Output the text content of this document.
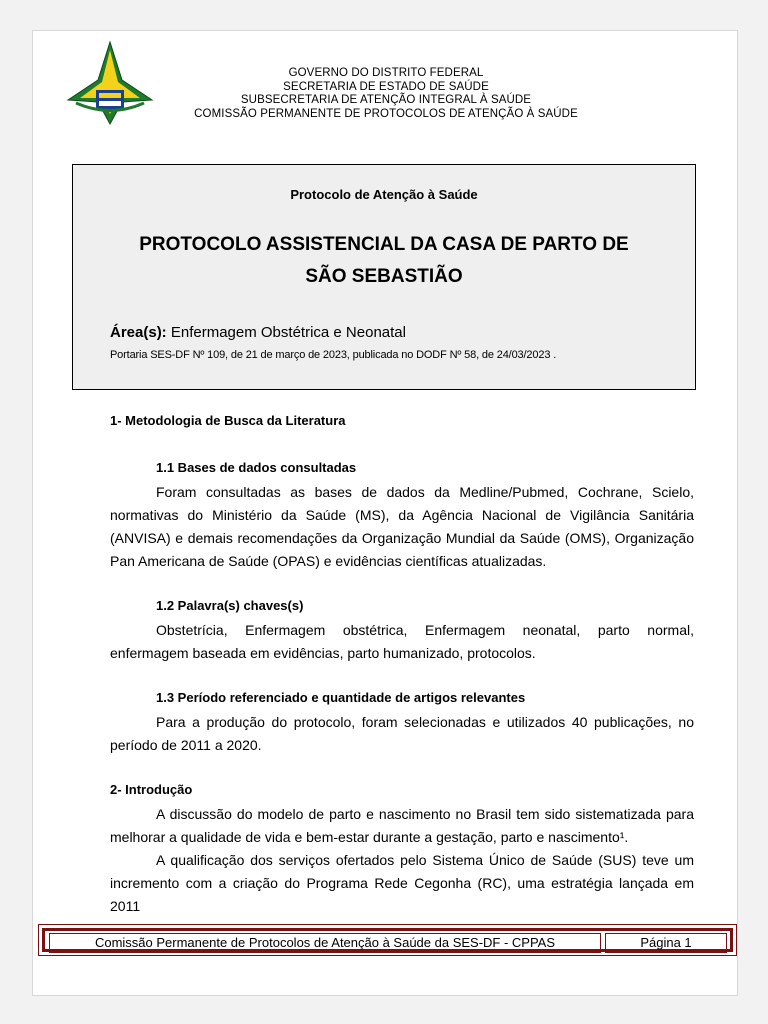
GOVERNO DO DISTRITO FEDERAL
SECRETARIA DE ESTADO DE SAÚDE
SUBSECRETARIA DE ATENÇÃO INTEGRAL À SAÚDE
COMISSÃO PERMANENTE DE PROTOCOLOS DE ATENÇÃO À SAÚDE
Protocolo de Atenção à Saúde
PROTOCOLO ASSISTENCIAL DA CASA DE PARTO DE
SÃO SEBASTIÃO
Área(s): Enfermagem Obstétrica e Neonatal
Portaria SES-DF Nº 109, de 21 de março de 2023, publicada no DODF Nº 58, de 24/03/2023 .
1- Metodologia de Busca da Literatura
1.1 Bases de dados consultadas
Foram consultadas as bases de dados da Medline/Pubmed, Cochrane, Scielo, normativas do Ministério da Saúde (MS), da Agência Nacional de Vigilância Sanitária (ANVISA) e demais recomendações da Organização Mundial da Saúde (OMS), Organização Pan Americana de Saúde (OPAS) e evidências científicas atualizadas.
1.2 Palavra(s) chaves(s)
Obstetrícia, Enfermagem obstétrica, Enfermagem neonatal, parto normal, enfermagem baseada em evidências, parto humanizado, protocolos.
1.3 Período referenciado e quantidade de artigos relevantes
Para a produção do protocolo, foram selecionadas e utilizados 40 publicações, no período de 2011 a 2020.
2- Introdução
A discussão do modelo de parto e nascimento no Brasil tem sido sistematizada para melhorar a qualidade de vida e bem-estar durante a gestação, parto e nascimento¹.
A qualificação dos serviços ofertados pelo Sistema Único de Saúde (SUS) teve um incremento com a criação do Programa Rede Cegonha (RC), uma estratégia lançada em 2011
Comissão Permanente de Protocolos de Atenção à Saúde da SES-DF - CPPAS	Página 1
